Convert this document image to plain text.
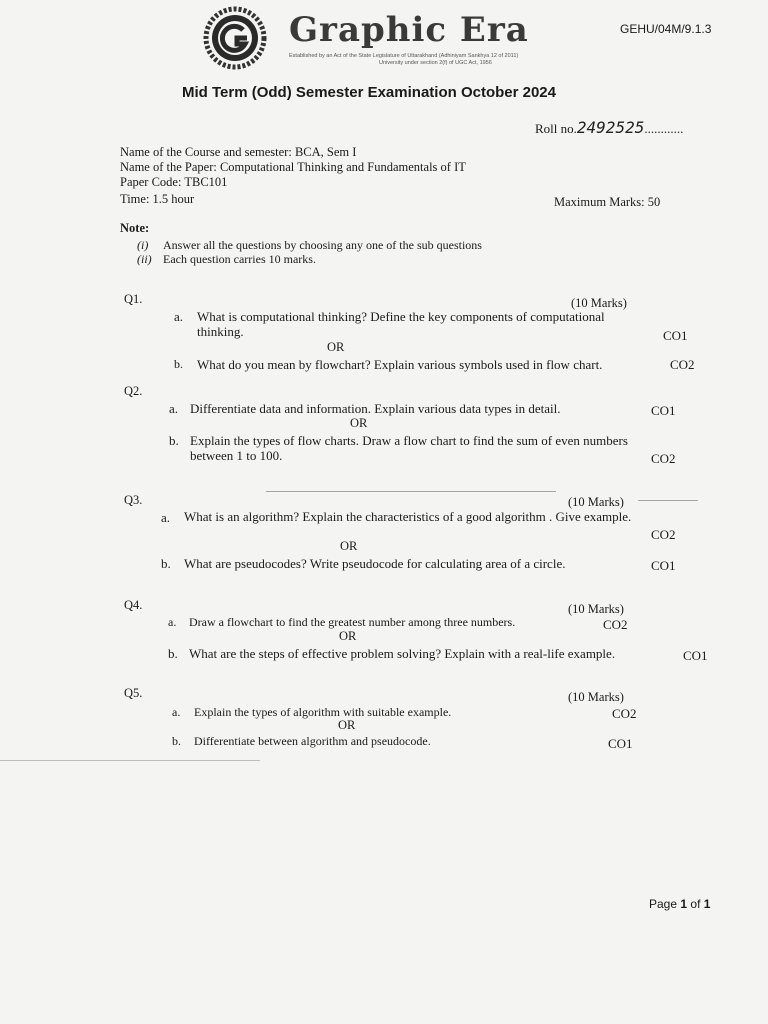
Graphic Era
Established by an Act of the State Legislature of Uttarakhand (Adhiniyam Sankhya 12 of 2011)
University under section 2(f) of UGC Act, 1956
GEHU/04M/9.1.3
Mid Term (Odd) Semester Examination October 2024
Roll no.2492525............
Name of the Course and semester: BCA, Sem I
Name of the Paper: Computational Thinking and Fundamentals of IT
Paper Code: TBC101
Time: 1.5 hour	Maximum Marks: 50
Note:
(i) Answer all the questions by choosing any one of the sub questions
(ii) Each question carries 10 marks.
Q1.	(10 Marks)
a. What is computational thinking? Define the key components of computational
thinking.	CO1
OR
b. What do you mean by flowchart? Explain various symbols used in flow chart.	CO2
Q2.
a. Differentiate data and information. Explain various data types in detail.	CO1
OR
b. Explain the types of flow charts. Draw a flow chart to find the sum of even numbers
between 1 to 100.	CO2
Q3.	(10 Marks)
a. What is an algorithm? Explain the characteristics of a good algorithm . Give example.
CO2
OR
b. What are pseudocodes? Write pseudocode for calculating area of a circle.	CO1
Q4.	(10 Marks)
a. Draw a flowchart to find the greatest number among three numbers.	CO2
OR
b. What are the steps of effective problem solving? Explain with a real-life example.	CO1
Q5.	(10 Marks)
a. Explain the types of algorithm with suitable example.	CO2
OR
b. Differentiate between algorithm and pseudocode.	CO1
Page 1 of 1
